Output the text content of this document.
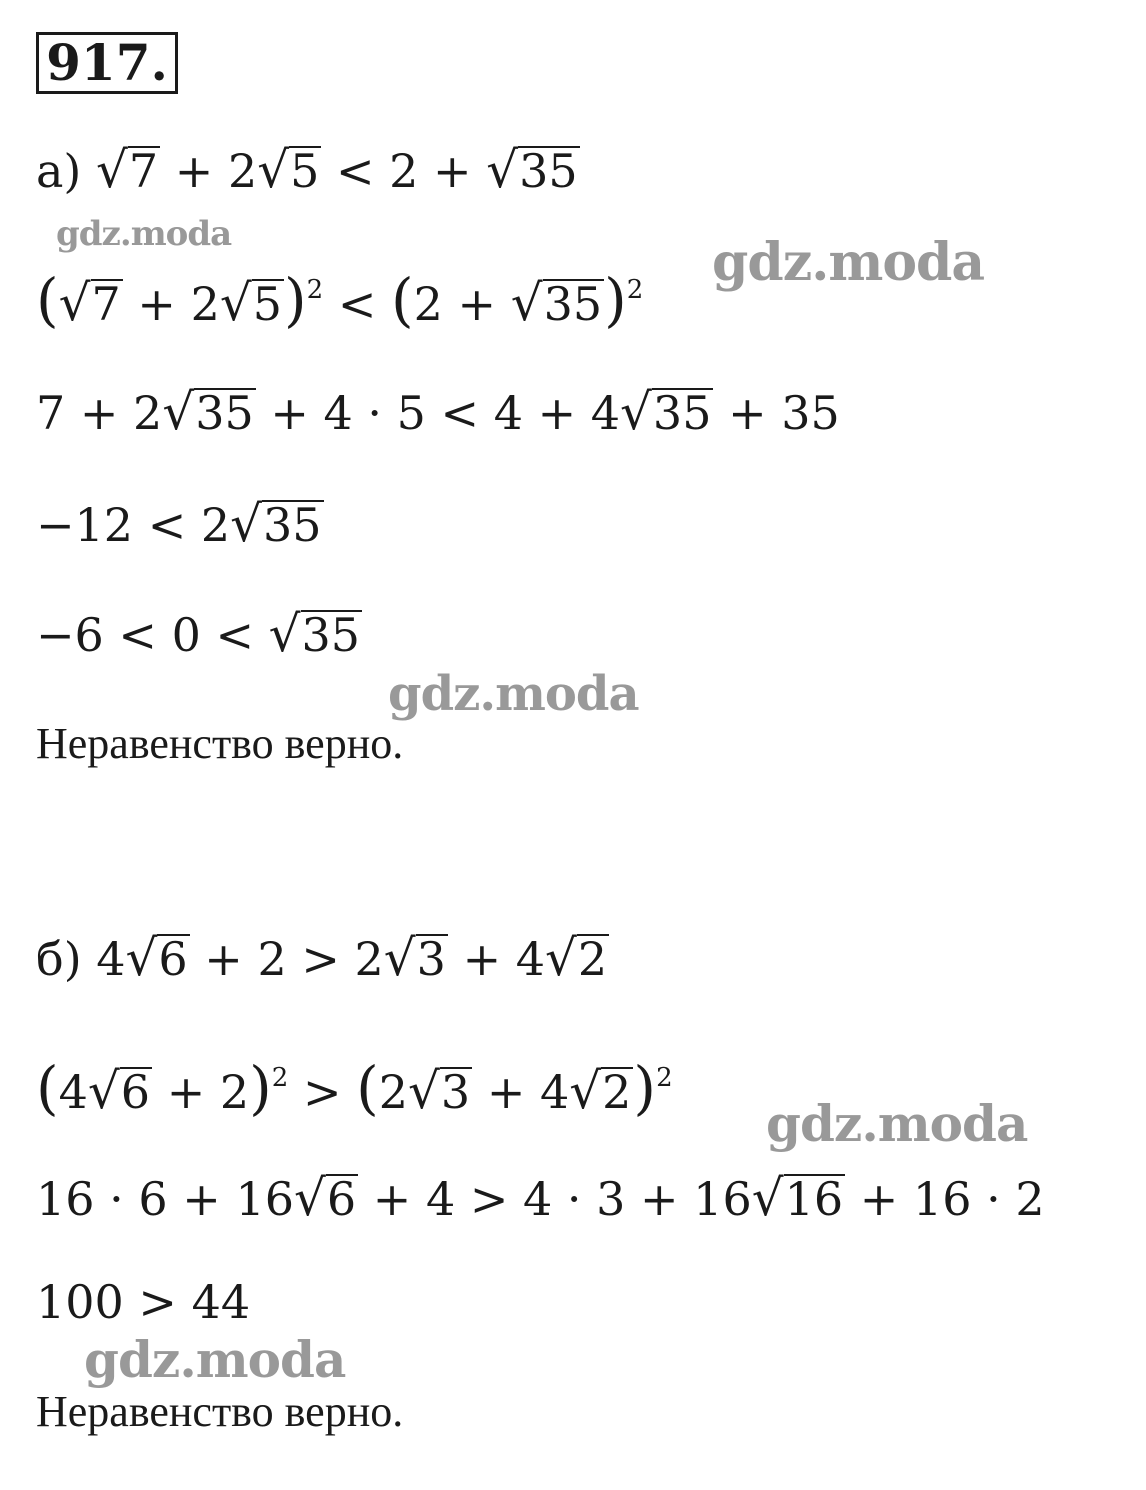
917.
а) √7 + 2√5 < 2 + √35
$(√7 + 2√5)^2 < (2 + √35)^2$
7 + 2√35 + 4 · 5 < 4 + 4√35 + 35
−12 < 2√35
−6 < 0 < √35
Неравенство верно.
б) 4√6 + 2 > 2√3 + 4√2
$(4√6 + 2)^2 > (2√3 + 4√2)^2$
16 · 6 + 16√6 + 4 > 4 · 3 + 16√16 + 16 · 2
100 > 44
Неравенство верно.
gdz.moda	gdz.moda
gdz.moda
gdz.moda
gdz.moda
